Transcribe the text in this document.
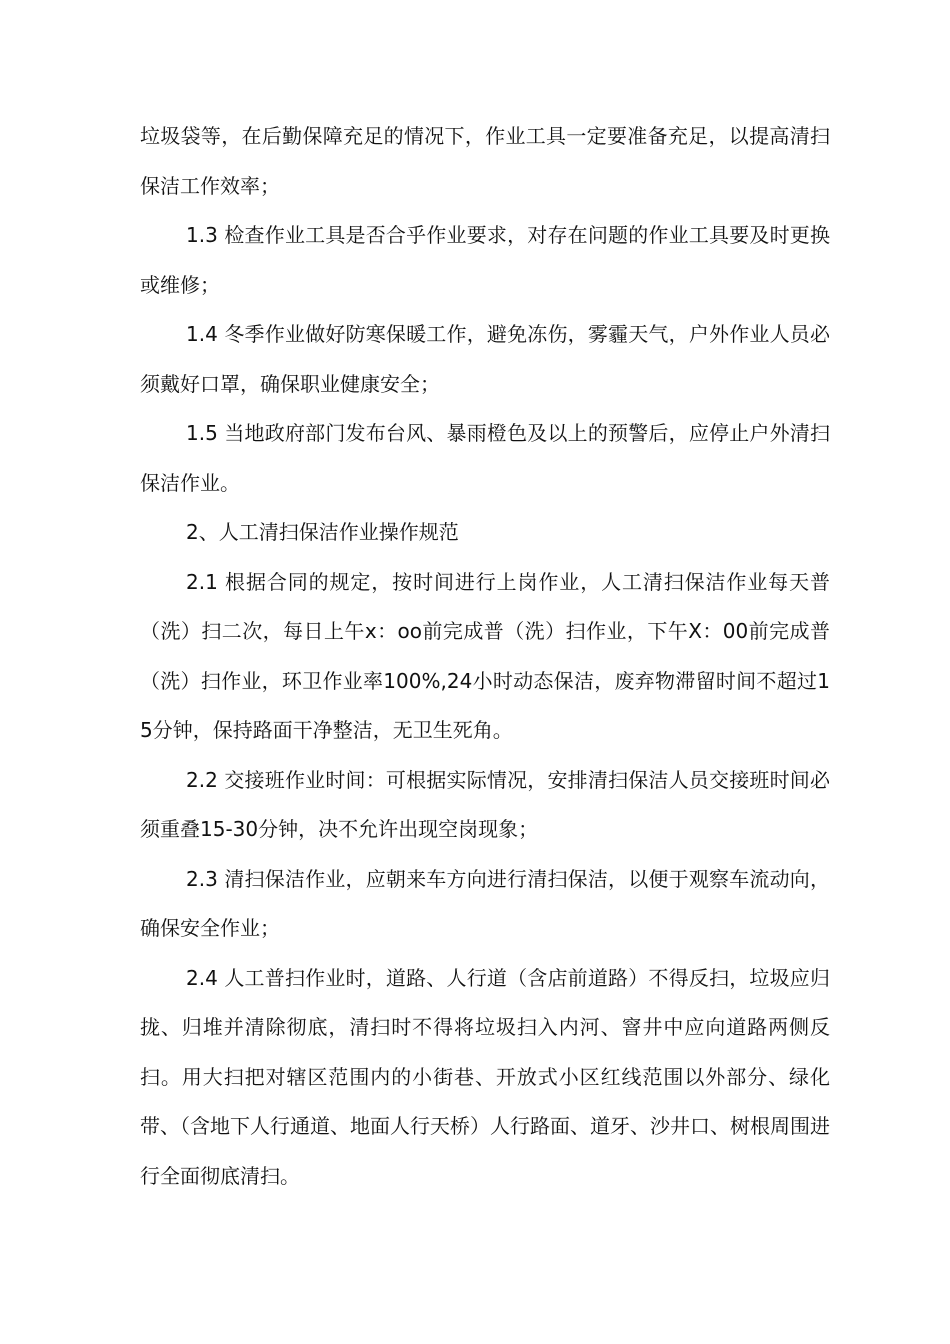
垃圾袋等，在后勤保障充足的情况下，作业工具一定要准备充足，以提高清扫保洁工作效率；

1.3 检查作业工具是否合乎作业要求，对存在问题的作业工具要及时更换或维修；

1.4 冬季作业做好防寒保暖工作，避免冻伤，雾霾天气，户外作业人员必须戴好口罩，确保职业健康安全；

1.5 当地政府部门发布台风、暴雨橙色及以上的预警后，应停止户外清扫保洁作业。

2、人工清扫保洁作业操作规范

2.1 根据合同的规定，按时间进行上岗作业，人工清扫保洁作业每天普（洗）扫二次，每日上午x：oo前完成普（洗）扫作业，下午X：00前完成普（洗）扫作业，环卫作业率100%,24小时动态保洁，废弃物滞留时间不超过15分钟，保持路面干净整洁，无卫生死角。

2.2 交接班作业时间：可根据实际情况，安排清扫保洁人员交接班时间必须重叠15-30分钟，决不允许出现空岗现象；

2.3 清扫保洁作业，应朝来车方向进行清扫保洁，以便于观察车流动向，确保安全作业；

2.4 人工普扫作业时，道路、人行道（含店前道路）不得反扫，垃圾应归拢、归堆并清除彻底，清扫时不得将垃圾扫入内河、窨井中应向道路两侧反扫。用大扫把对辖区范围内的小街巷、开放式小区红线范围以外部分、绿化带、（含地下人行通道、地面人行天桥）人行路面、道牙、沙井口、树根周围进行全面彻底清扫。
